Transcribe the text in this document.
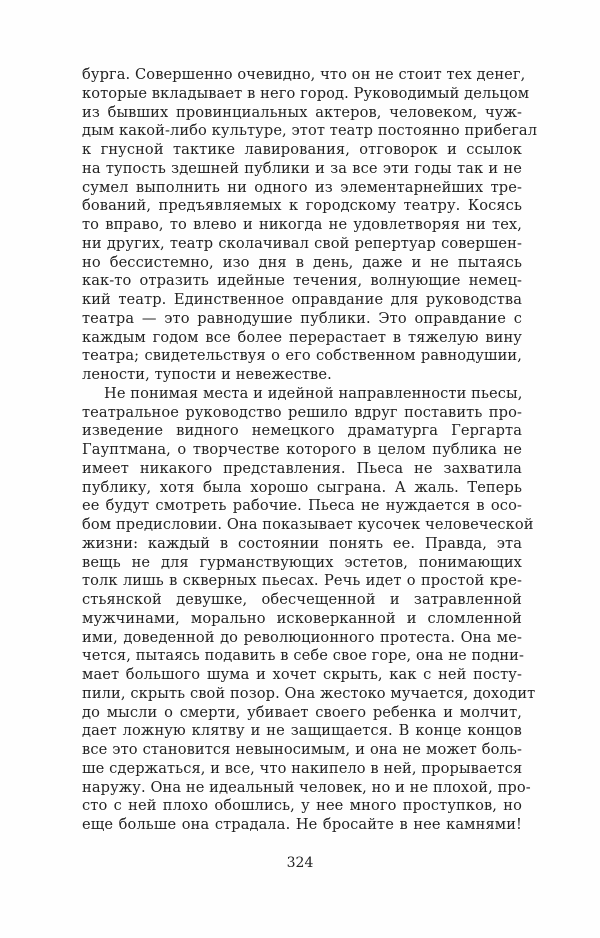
бурга. Совершенно очевидно, что он не стоит тех денег,
которые вкладывает в него город. Руководимый дельцом
из бывших провинциальных актеров, человеком, чуж-
дым какой-либо культуре, этот театр постоянно прибегал
к гнусной тактике лавирования, отговорок и ссылок
на тупость здешней публики и за все эти годы так и не
сумел выполнить ни одного из элементарнейших тре-
бований, предъявляемых к городскому театру. Косясь
то вправо, то влево и никогда не удовлетворяя ни тех,
ни других, театр сколачивал свой репертуар совершен-
но бессистемно, изо дня в день, даже и не пытаясь
как-то отразить идейные течения, волнующие немец-
кий театр. Единственное оправдание для руководства
театра — это равнодушие публики. Это оправдание с
каждым годом все более перерастает в тяжелую вину
театра; свидетельствуя о его собственном равнодушии,
лености, тупости и невежестве.
Не понимая места и идейной направленности пьесы,
театральное руководство решило вдруг поставить про-
изведение видного немецкого драматурга Гергарта
Гауптмана, о творчестве которого в целом публика не
имеет никакого представления. Пьеса не захватила
публику, хотя была хорошо сыграна. А жаль. Теперь
ее будут смотреть рабочие. Пьеса не нуждается в осо-
бом предисловии. Она показывает кусочек человеческой
жизни: каждый в состоянии понять ее. Правда, эта
вещь не для гурманствующих эстетов, понимающих
толк лишь в скверных пьесах. Речь идет о простой кре-
стьянской девушке, обесчещенной и затравленной
мужчинами, морально исковерканной и сломленной
ими, доведенной до революционного протеста. Она ме-
чется, пытаясь подавить в себе свое горе, она не подни-
мает большого шума и хочет скрыть, как с ней посту-
пили, скрыть свой позор. Она жестоко мучается, доходит
до мысли о смерти, убивает своего ребенка и молчит,
дает ложную клятву и не защищается. В конце концов
все это становится невыносимым, и она не может боль-
ше сдержаться, и все, что накипело в ней, прорывается
наружу. Она не идеальный человек, но и не плохой, про-
сто с ней плохо обошлись, у нее много проступков, но
еще больше она страдала. Не бросайте в нее камнями!
324
